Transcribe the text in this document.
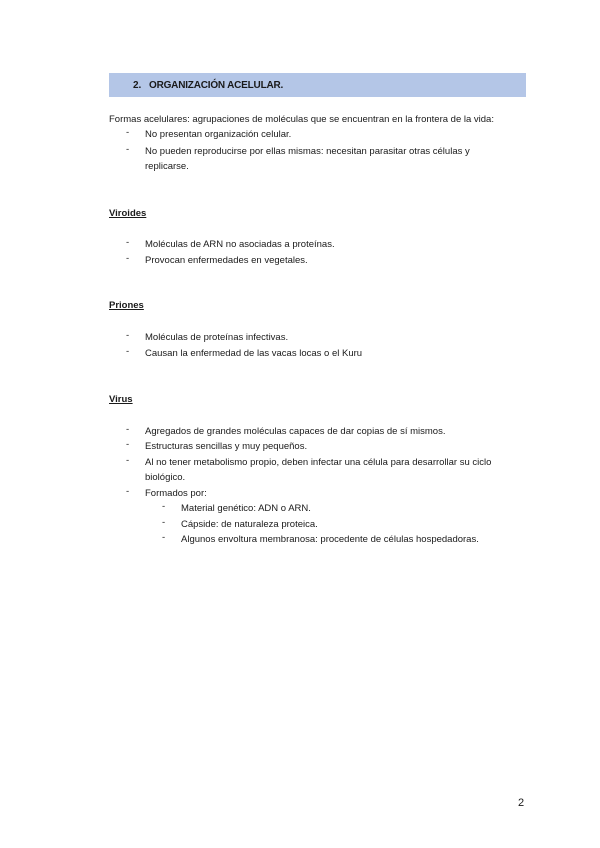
2. ORGANIZACIÓN ACELULAR.
Formas acelulares: agrupaciones de moléculas que se encuentran en la frontera de la vida:
- No presentan organización celular.
- No pueden reproducirse por ellas mismas: necesitan parasitar otras células y
replicarse.
Viroides
- Moléculas de ARN no asociadas a proteínas.
- Provocan enfermedades en vegetales.
Priones
- Moléculas de proteínas infectivas.
- Causan la enfermedad de las vacas locas o el Kuru
Virus
- Agregados de grandes moléculas capaces de dar copias de sí mismos.
- Estructuras sencillas y muy pequeños.
- Al no tener metabolismo propio, deben infectar una célula para desarrollar su ciclo
biológico.
- Formados por:
- Material genético: ADN o ARN.
- Cápside: de naturaleza proteica.
- Algunos envoltura membranosa: procedente de células hospedadoras.
2
